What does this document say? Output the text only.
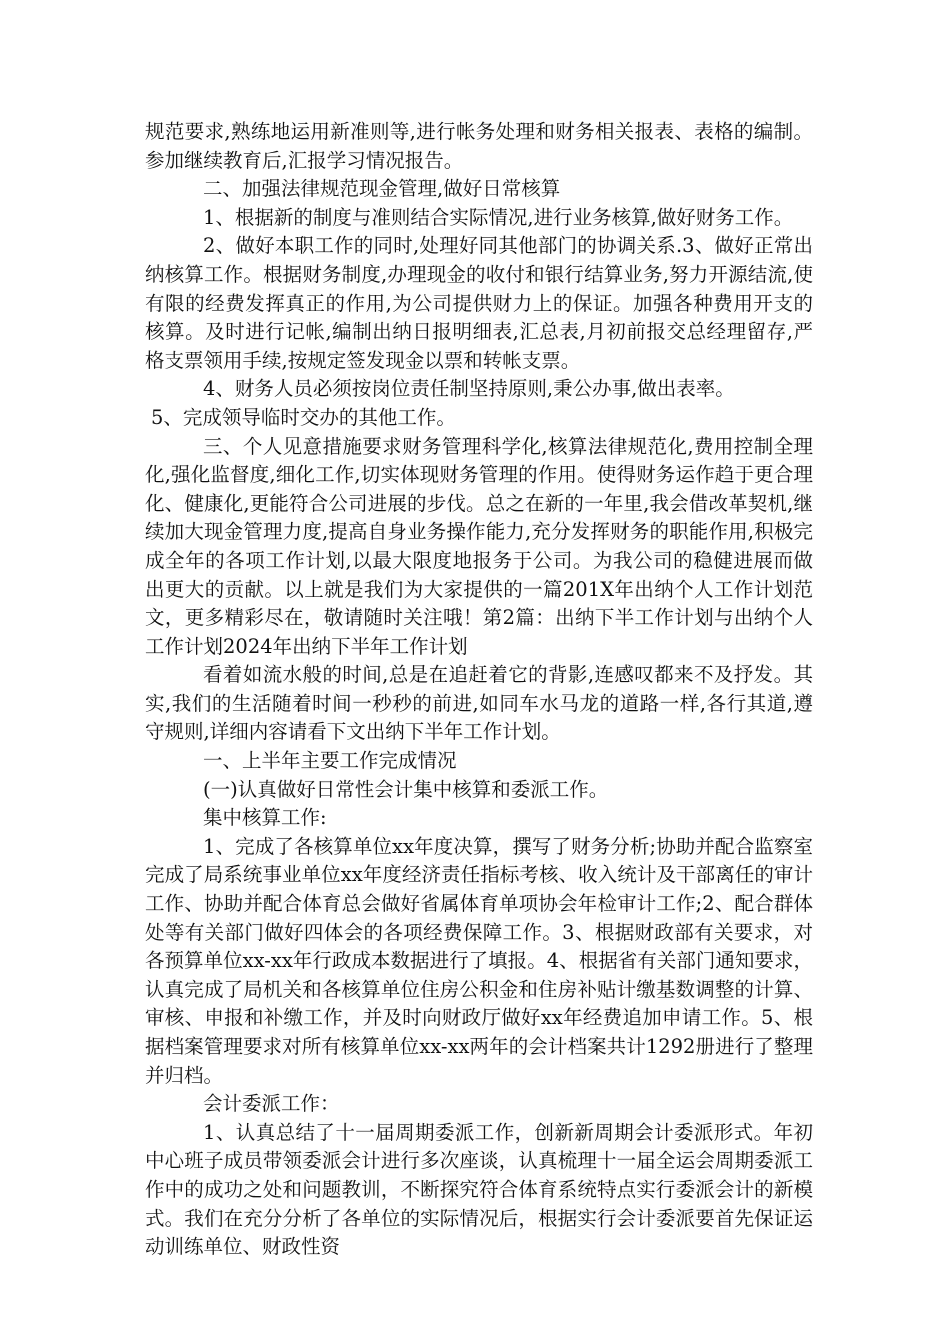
规范要求,熟练地运用新准则等,进行帐务处理和财务相关报表、表格的编制。参加继续教育后,汇报学习情况报告。

二、加强法律规范现金管理,做好日常核算

1、根据新的制度与准则结合实际情况,进行业务核算,做好财务工作。

2、做好本职工作的同时,处理好同其他部门的协调关系.3、做好正常出纳核算工作。根据财务制度,办理现金的收付和银行结算业务,努力开源结流,使有限的经费发挥真正的作用,为公司提供财力上的保证。加强各种费用开支的核算。及时进行记帐,编制出纳日报明细表,汇总表,月初前报交总经理留存,严格支票领用手续,按规定签发现金以票和转帐支票。

4、财务人员必须按岗位责任制坚持原则,秉公办事,做出表率。

5、完成领导临时交办的其他工作。

三、个人见意措施要求财务管理科学化,核算法律规范化,费用控制全理化,强化监督度,细化工作,切实体现财务管理的作用。使得财务运作趋于更合理化、健康化,更能符合公司进展的步伐。总之在新的一年里,我会借改革契机,继续加大现金管理力度,提高自身业务操作能力,充分发挥财务的职能作用,积极完成全年的各项工作计划,以最大限度地报务于公司。为我公司的稳健进展而做出更大的贡献。以上就是我们为大家提供的一篇201X年出纳个人工作计划范文，更多精彩尽在，敬请随时关注哦！第2篇：出纳下半工作计划与出纳个人工作计划2024年出纳下半年工作计划

看着如流水般的时间,总是在追赶着它的背影,连感叹都来不及抒发。其实,我们的生活随着时间一秒秒的前进,如同车水马龙的道路一样,各行其道,遵守规则,详细内容请看下文出纳下半年工作计划。

一、上半年主要工作完成情况

(一)认真做好日常性会计集中核算和委派工作。

集中核算工作:

1、完成了各核算单位xx年度决算，撰写了财务分析;协助并配合监察室完成了局系统事业单位xx年度经济责任指标考核、收入统计及干部离任的审计工作、协助并配合体育总会做好省属体育单项协会年检审计工作;2、配合群体处等有关部门做好四体会的各项经费保障工作。3、根据财政部有关要求，对各预算单位xx-xx年行政成本数据进行了填报。4、根据省有关部门通知要求，认真完成了局机关和各核算单位住房公积金和住房补贴计缴基数调整的计算、审核、申报和补缴工作，并及时向财政厅做好xx年经费追加申请工作。5、根据档案管理要求对所有核算单位xx-xx两年的会计档案共计1292册进行了整理并归档。

会计委派工作：

1、认真总结了十一届周期委派工作，创新新周期会计委派形式。年初中心班子成员带领委派会计进行多次座谈，认真梳理十一届全运会周期委派工作中的成功之处和问题教训，不断探究符合体育系统特点实行委派会计的新模式。我们在充分分析了各单位的实际情况后，根据实行会计委派要首先保证运动训练单位、财政性资
